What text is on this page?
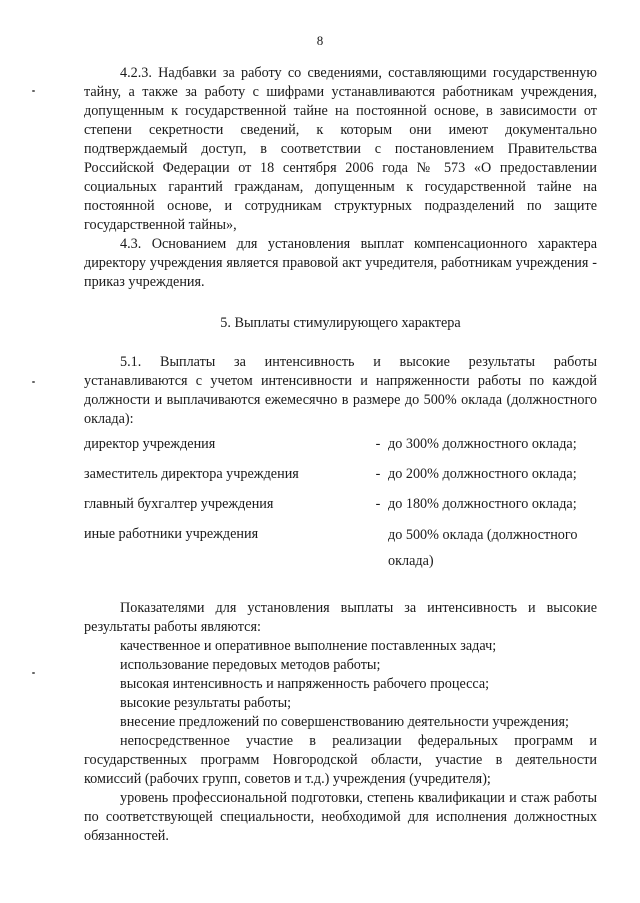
8

4.2.3. Надбавки за работу со сведениями, составляющими государственную тайну, а также за работу с шифрами устанавливаются работникам учреждения, допущенным к государственной тайне на постоянной основе, в зависимости от степени секретности сведений, к которым они имеют документально подтверждаемый доступ, в соответствии с постановлением Правительства Российской Федерации от 18 сентября 2006 года № 573 «О предоставлении социальных гарантий гражданам, допущенным к государственной тайне на постоянной основе, и сотрудникам структурных подразделений по защите государственной тайны»,

4.3. Основанием для установления выплат компенсационного характера директору учреждения является правовой акт учредителя, работникам учреждения - приказ учреждения.

5. Выплаты стимулирующего характера

5.1. Выплаты за интенсивность и высокие результаты работы устанавливаются с учетом интенсивности и напряженности работы по каждой должности и выплачиваются ежемесячно в размере до 500% оклада (должностного оклада):

директор учреждения	- до 300% должностного оклада;
заместитель директора учреждения	- до 200% должностного оклада;
главный бухгалтер учреждения	- до 180% должностного оклада;
иные работники учреждения	до 500% оклада (должностного оклада)

Показателями для установления выплаты за интенсивность и высокие результаты работы являются:

качественное и оперативное выполнение поставленных задач;

использование передовых методов работы;

высокая интенсивность и напряженность рабочего процесса;

высокие результаты работы;

внесение предложений по совершенствованию деятельности учреждения;

непосредственное участие в реализации федеральных программ и государственных программ Новгородской области, участие в деятельности комиссий (рабочих групп, советов и т.д.) учреждения (учредителя);

уровень профессиональной подготовки, степень квалификации и стаж работы по соответствующей специальности, необходимой для исполнения должностных обязанностей.
